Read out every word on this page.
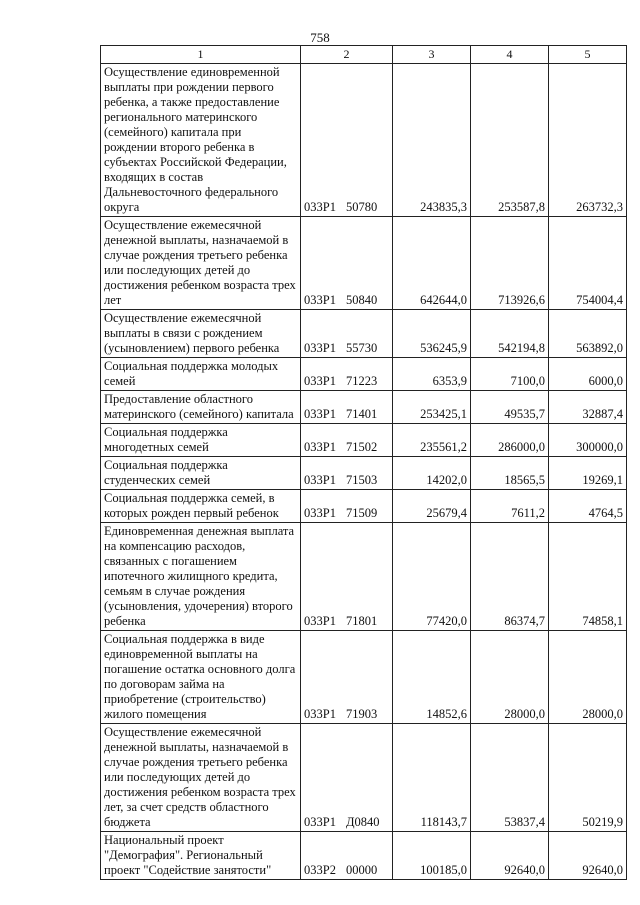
758
1	2	3	4	5
Осуществление единовременной выплаты при рождении первого ребенка, а также предоставление регионального материнского (семейного) капитала при рождении второго ребенка в субъектах Российской Федерации, входящих в состав Дальневосточного федерального округа	033P1 50780	243835,3	253587,8	263732,3
Осуществление ежемесячной денежной выплаты, назначаемой в случае рождения третьего ребенка или последующих детей до достижения ребенком возраста трех лет	033P1 50840	642644,0	713926,6	754004,4
Осуществление ежемесячной выплаты в связи с рождением (усыновлением) первого ребенка	033P1 55730	536245,9	542194,8	563892,0
Социальная поддержка молодых семей	033P1 71223	6353,9	7100,0	6000,0
Предоставление областного материнского (семейного) капитала	033P1 71401	253425,1	49535,7	32887,4
Социальная поддержка многодетных семей	033P1 71502	235561,2	286000,0	300000,0
Социальная поддержка студенческих семей	033P1 71503	14202,0	18565,5	19269,1
Социальная поддержка семей, в которых рожден первый ребенок	033P1 71509	25679,4	7611,2	4764,5
Единовременная денежная выплата на компенсацию расходов, связанных с погашением ипотечного жилищного кредита, семьям в случае рождения (усыновления, удочерения) второго ребенка	033P1 71801	77420,0	86374,7	74858,1
Социальная поддержка в виде единовременной выплаты на погашение остатка основного долга по договорам займа на приобретение (строительство) жилого помещения	033P1 71903	14852,6	28000,0	28000,0
Осуществление ежемесячной денежной выплаты, назначаемой в случае рождения третьего ребенка или последующих детей до достижения ребенком возраста трех лет, за счет средств областного бюджета	033P1 Д0840	118143,7	53837,4	50219,9
Национальный проект "Демография". Региональный проект "Содействие занятости"	033P2 00000	100185,0	92640,0	92640,0
